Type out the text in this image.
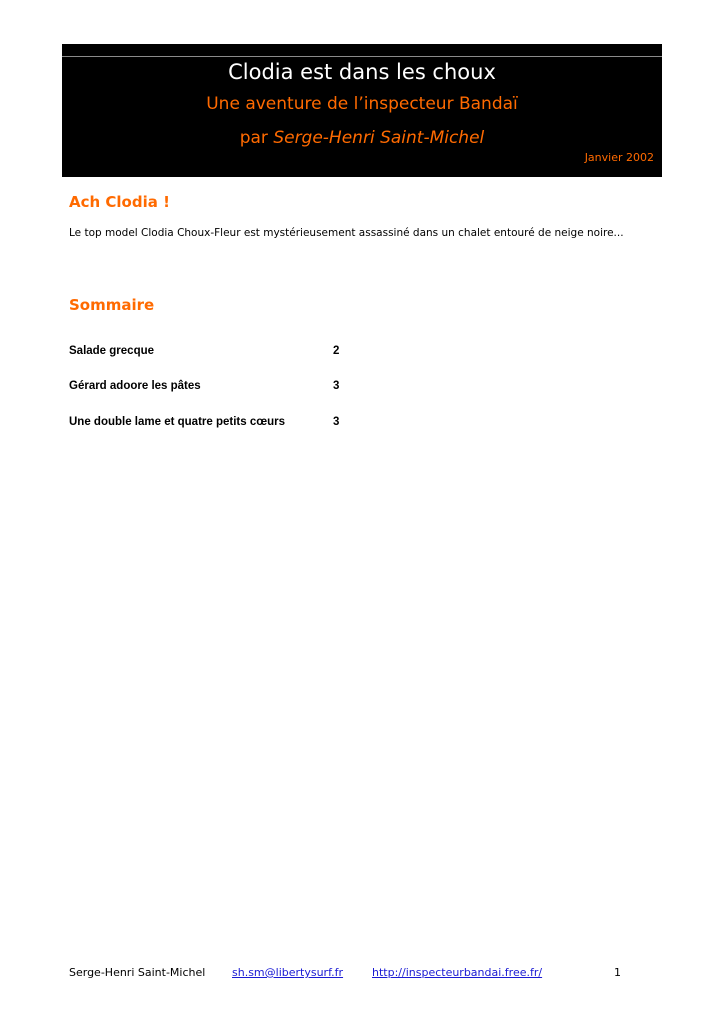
Clodia est dans les choux
Une aventure de l’inspecteur Bandaï
par Serge-Henri Saint-Michel
Janvier 2002
Ach Clodia !
Le top model Clodia Choux-Fleur est mystérieusement assassiné dans un chalet entouré de neige noire...
Sommaire
Salade grecque	2
Gérard adoore les pâtes	3
Une double lame et quatre petits cœurs	3
Serge-Henri Saint-Michel sh.sm@libertysurf.fr	http://inspecteurbandai.free.fr/	1
